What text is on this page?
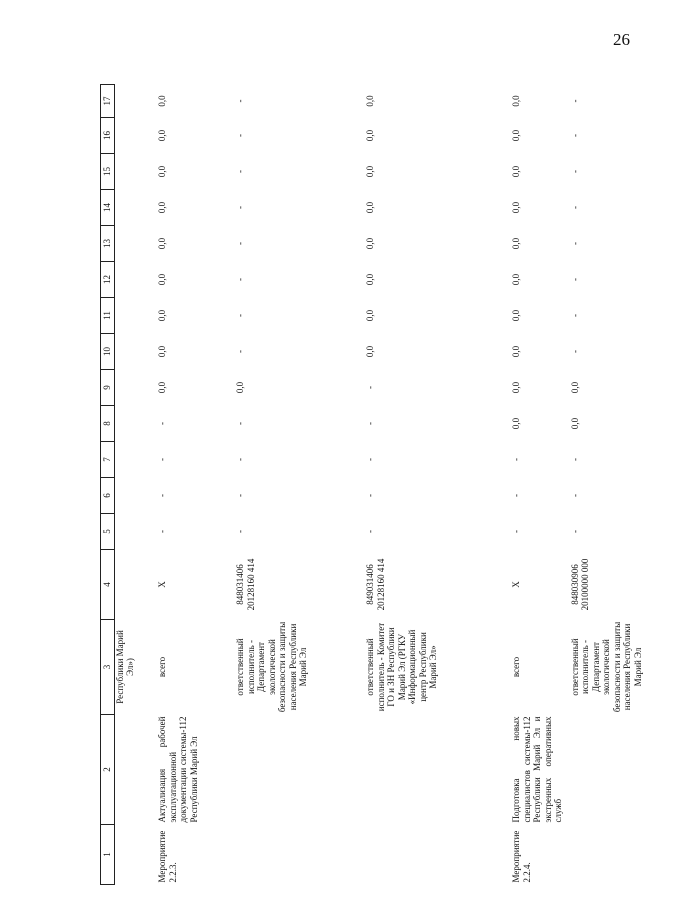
26
1	2	3	4	5	6	7	8	9	10	11	12	13	14	15	16	17
		Республики Марий Эл»)														
Мероприятие 2.2.3.	Актуализация рабочей эксплуатационной документации системы-112 Республики Марий Эл	всего	X	-	-	-	-	0,0	0,0	0,0	0,0	0,0	0,0	0,0	0,0	0,0
		ответственный исполнитель - Департамент экологической безопасности и защиты населения Республики Марий Эл	848031406 20128160 414	-	-	-	-	0,0	-	-	-	-	-	-	-	-
		ответственный исполнитель - Комитет ГО и ЗН Республики Марий Эл (РГКУ «Информационный центр Республики Марий Эл»	849031406 20128160 414	-	-	-	-	-	0,0	0,0	0,0	0,0	0,0	0,0	0,0	0,0
Мероприятие 2.2.4.	Подготовка новых специалистов системы-112 Республики Марий Эл и экстренных оперативных служб	всего	X	-	-	-	0,0	0,0	0,0	0,0	0,0	0,0	0,0	0,0	0,0	0,0
		ответственный исполнитель - Департамент экологической безопасности и защиты населения Республики Марий Эл	848030906 20100000 000	-	-	-	0,0	0,0	-	-	-	-	-	-	-	-
